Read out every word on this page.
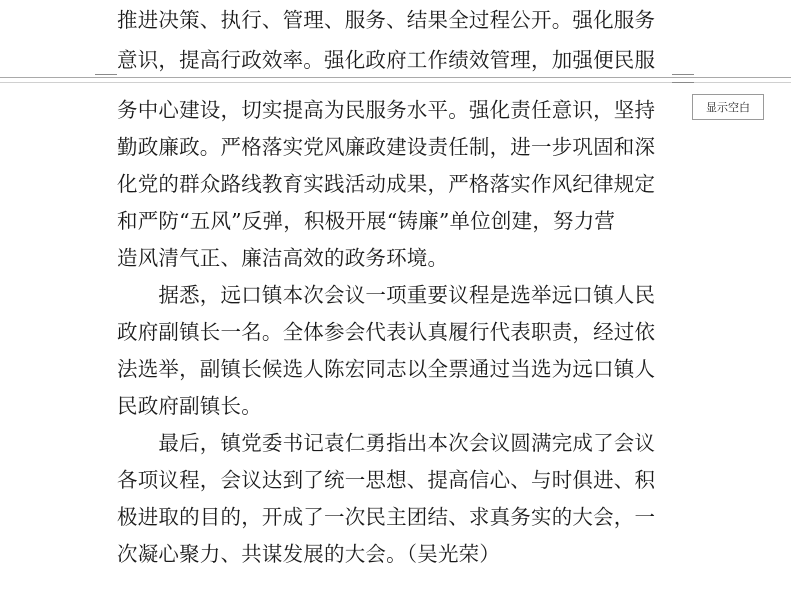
推进决策、执行、管理、服务、结果全过程公开。强化服务
意识，提高行政效率。强化政府工作绩效管理，加强便民服
显示空白
务中心建设，切实提高为民服务水平。强化责任意识，坚持
勤政廉政。严格落实党风廉政建设责任制，进一步巩固和深
化党的群众路线教育实践活动成果，严格落实作风纪律规定
和严防“五风”反弹，积极开展“铸廉”单位创建，努力营
造风清气正、廉洁高效的政务环境。
　　据悉，远口镇本次会议一项重要议程是选举远口镇人民
政府副镇长一名。全体参会代表认真履行代表职责，经过依
法选举，副镇长候选人陈宏同志以全票通过当选为远口镇人
民政府副镇长。
　　最后，镇党委书记袁仁勇指出本次会议圆满完成了会议
各项议程，会议达到了统一思想、提高信心、与时俱进、积
极进取的目的，开成了一次民主团结、求真务实的大会，一
次凝心聚力、共谋发展的大会。（吴光荣）
